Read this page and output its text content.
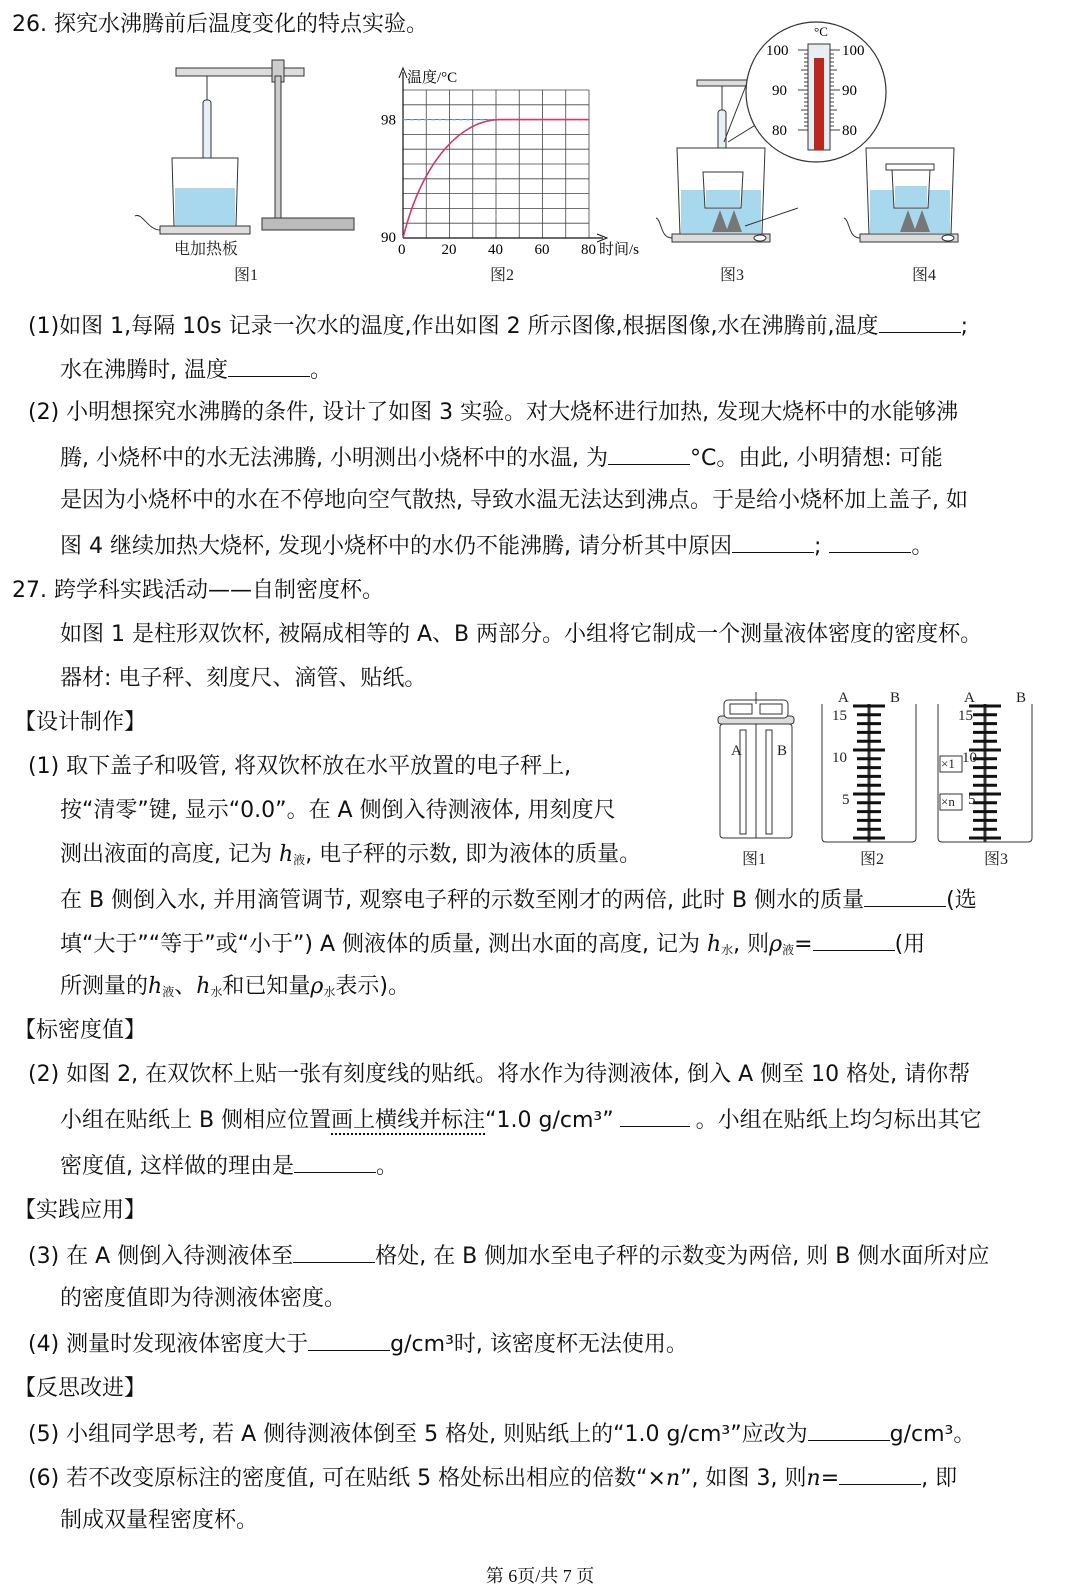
26. 探究水沸腾前后温度变化的特点实验。
温度/°C
98
90
0 20 40 60 80 时间/s
°C
100
90
80
100
90
80
电加热板
图1	图2	图3	图4
(1)如图 1,每隔 10s 记录一次水的温度,作出如图 2 所示图像,根据图像,水在沸腾前,温度	;
水在沸腾时, 温度	。
(2) 小明想探究水沸腾的条件, 设计了如图 3 实验。对大烧杯进行加热, 发现大烧杯中的水能够沸
腾, 小烧杯中的水无法沸腾, 小明测出小烧杯中的水温, 为	°C。由此, 小明猜想: 可能
是因为小烧杯中的水在不停地向空气散热, 导致水温无法达到沸点。于是给小烧杯加上盖子, 如
图 4 继续加热大烧杯, 发现小烧杯中的水仍不能沸腾, 请分析其中原因	;	。
27. 跨学科实践活动——自制密度杯。
如图 1 是柱形双饮杯, 被隔成相等的 A、B 两部分。小组将它制成一个测量液体密度的密度杯。
器材: 电子秤、刻度尺、滴管、贴纸。
【设计制作】
(1) 取下盖子和吸管, 将双饮杯放在水平放置的电子秤上,
按“清零”键, 显示“0.0”。在 A 侧倒入待测液体, 用刻度尺
测出液面的高度, 记为 $h_液$, 电子秤的示数, 即为液体的质量。
A B
A	B
15
10
5
A	B
15
10
5
×1
×n
图1	图2	图3
在 B 侧倒入水, 并用滴管调节, 观察电子秤的示数至刚才的两倍, 此时 B 侧水的质量	(选
填“大于”“等于”或“小于”) A 侧液体的质量, 测出水面的高度, 记为 $h_水$, 则$\rho_液=$	(用
所测量的$h_液$、$h_水$和已知量$\rho_水$表示)。
【标密度值】
(2) 如图 2, 在双饮杯上贴一张有刻度线的贴纸。将水作为待测液体, 倒入 A 侧至 10 格处, 请你帮
小组在贴纸上 B 侧相应位置画上横线并标注“1.0 g/cm³”	。小组在贴纸上均匀标出其它
密度值, 这样做的理由是	。
【实践应用】
(3) 在 A 侧倒入待测液体至	格处, 在 B 侧加水至电子秤的示数变为两倍, 则 B 侧水面所对应
的密度值即为待测液体密度。
(4) 测量时发现液体密度大于	g/cm³时, 该密度杯无法使用。
【反思改进】
(5) 小组同学思考, 若 A 侧待测液体倒至 5 格处, 则贴纸上的“1.0 g/cm³”应改为	g/cm³。
(6) 若不改变原标注的密度值, 可在贴纸 5 格处标出相应的倍数“×n”, 如图 3, 则n=	, 即
制成双量程密度杯。
第 6页/共 7 页
